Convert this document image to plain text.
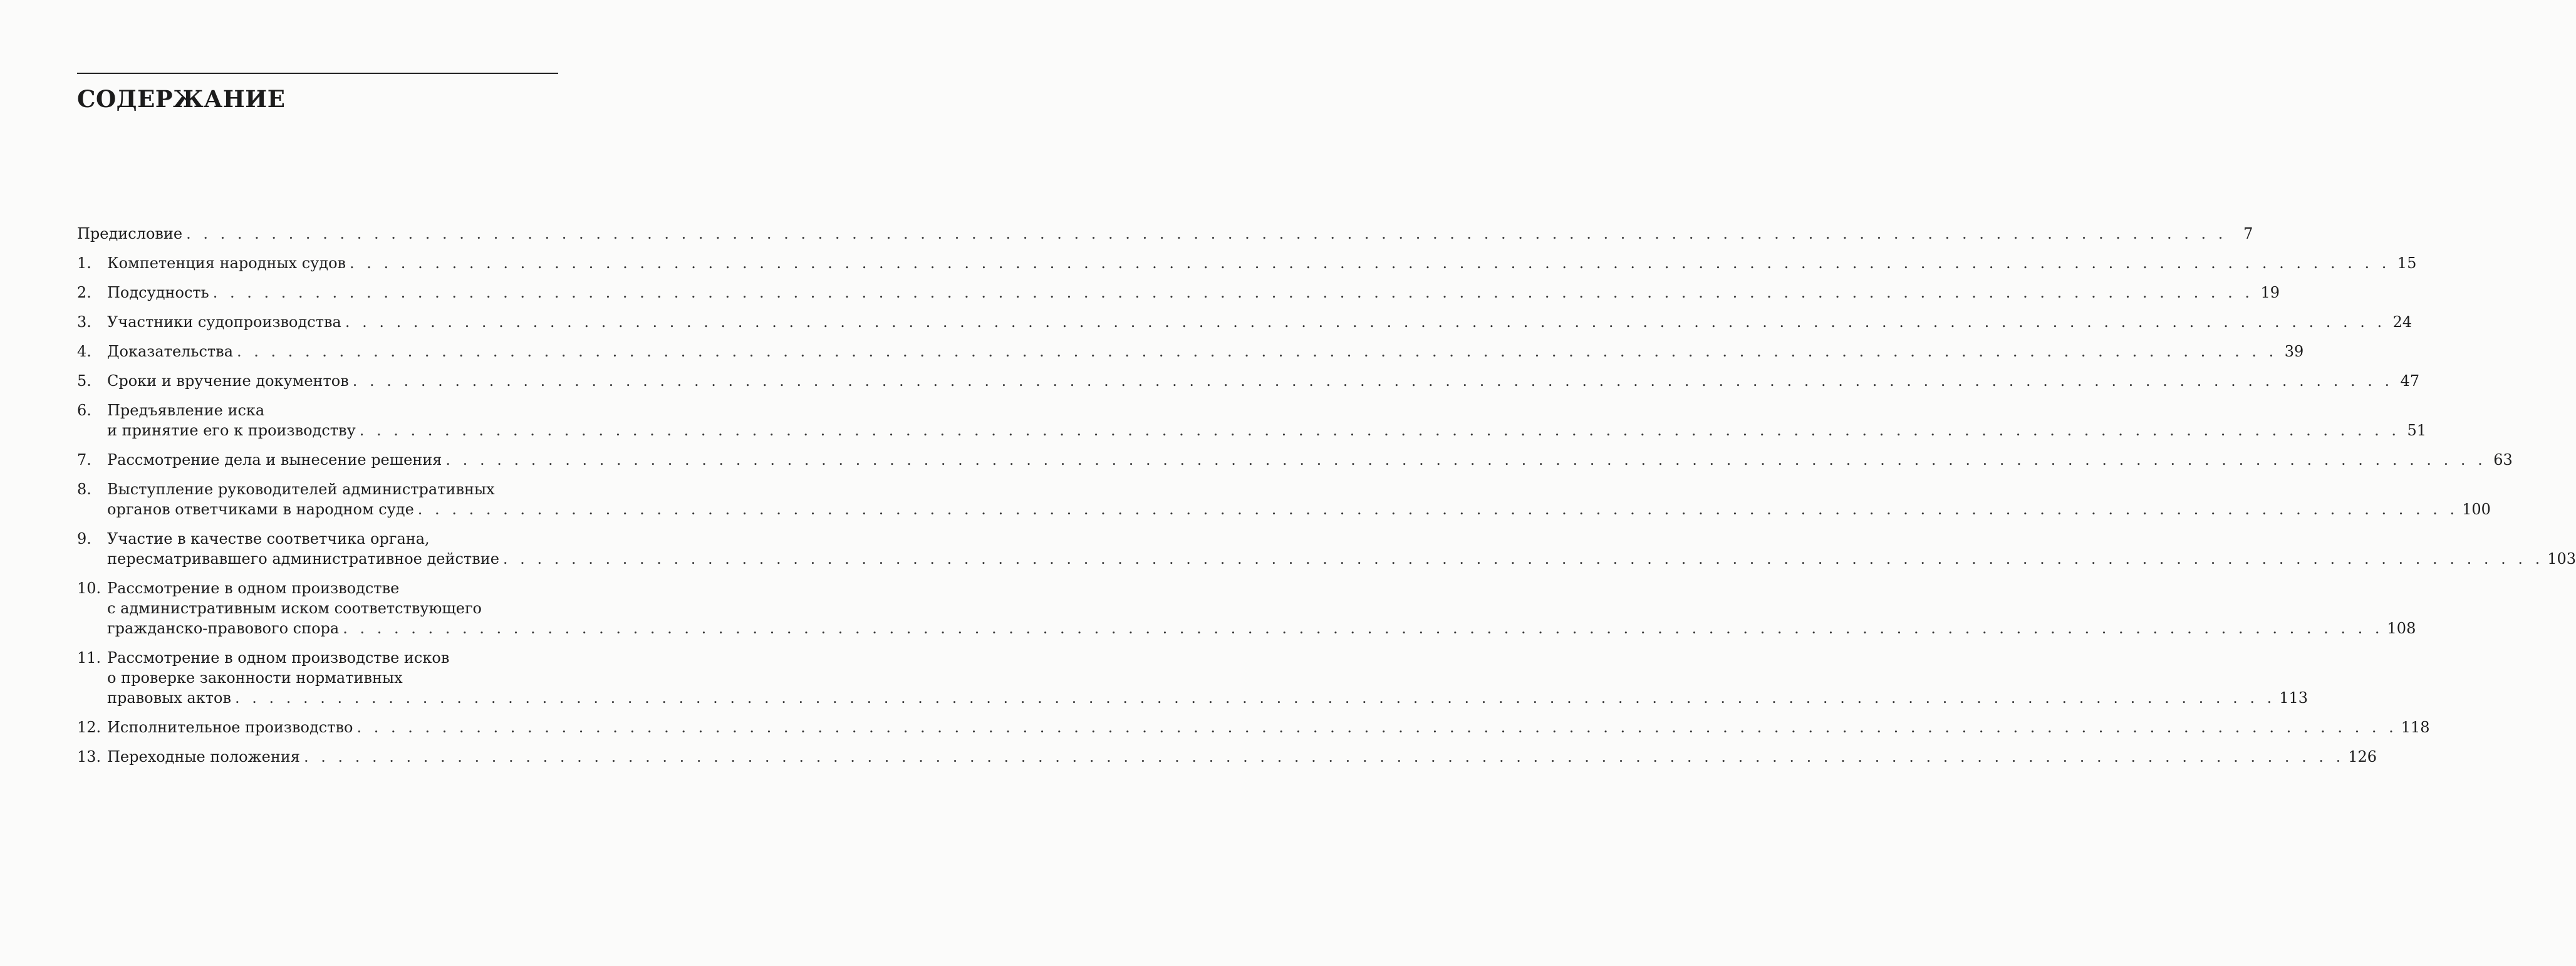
СОДЕРЖАНИЕ
Предисловие . . . . . . . . . . . . . . . . . . . . . . . . . . . . . . . . . . . . . . . . . . . . . . . . . . . . . . . . . . . . . . . . . . . . . . . . . . . . . . . . . . . . . . . . . . . . . . . . . . . . . . . . . . . . . . . . . . . . . . . .	7
1.	Компетенция народных судов . . . . . . . . . . . . . . . . . . . . . . . . . . . . . . . . . . . . . . . . . . . . . . . . . . . . . . . . . . . . . . . . . . . . . . . . . . . . . . . . . . . . . . . . . . . . . . . . . . . . . . . . . . . . . . . . . . . . . . . . 15
2.	Подсудность . . . . . . . . . . . . . . . . . . . . . . . . . . . . . . . . . . . . . . . . . . . . . . . . . . . . . . . . . . . . . . . . . . . . . . . . . . . . . . . . . . . . . . . . . . . . . . . . . . . . . . . . . . . . . . . . . . . . . . . . 19
3.	Участники судопроизводства . . . . . . . . . . . . . . . . . . . . . . . . . . . . . . . . . . . . . . . . . . . . . . . . . . . . . . . . . . . . . . . . . . . . . . . . . . . . . . . . . . . . . . . . . . . . . . . . . . . . . . . . . . . . . . . . . . . . . . . . 24
4.	Доказательства . . . . . . . . . . . . . . . . . . . . . . . . . . . . . . . . . . . . . . . . . . . . . . . . . . . . . . . . . . . . . . . . . . . . . . . . . . . . . . . . . . . . . . . . . . . . . . . . . . . . . . . . . . . . . . . . . . . . . . . . 39
5.	Сроки и вручение документов . . . . . . . . . . . . . . . . . . . . . . . . . . . . . . . . . . . . . . . . . . . . . . . . . . . . . . . . . . . . . . . . . . . . . . . . . . . . . . . . . . . . . . . . . . . . . . . . . . . . . . . . . . . . . . . . . . . . . . . . 47
6.	Предъявление иска
и принятие его к производству . . . . . . . . . . . . . . . . . . . . . . . . . . . . . . . . . . . . . . . . . . . . . . . . . . . . . . . . . . . . . . . . . . . . . . . . . . . . . . . . . . . . . . . . . . . . . . . . . . . . . . . . . . . . . . . . . . . . . . . . 51
7.	Рассмотрение дела и вынесение решения . . . . . . . . . . . . . . . . . . . . . . . . . . . . . . . . . . . . . . . . . . . . . . . . . . . . . . . . . . . . . . . . . . . . . . . . . . . . . . . . . . . . . . . . . . . . . . . . . . . . . . . . . . . . . . . . . . . . . . . . 63
8.	Выступление руководителей административных
органов ответчиками в народном суде . . . . . . . . . . . . . . . . . . . . . . . . . . . . . . . . . . . . . . . . . . . . . . . . . . . . . . . . . . . . . . . . . . . . . . . . . . . . . . . . . . . . . . . . . . . . . . . . . . . . . . . . . . . . . . . . . . . . . . . . 100
9.	Участие в качестве соответчика органа,
пересматривавшего административное действие . . . . . . . . . . . . . . . . . . . . . . . . . . . . . . . . . . . . . . . . . . . . . . . . . . . . . . . . . . . . . . . . . . . . . . . . . . . . . . . . . . . . . . . . . . . . . . . . . . . . . . . . . . . . . . . . . . . . . . . . 103
10. Рассмотрение в одном производстве
с административным иском соответствующего
гражданско-правового спора . . . . . . . . . . . . . . . . . . . . . . . . . . . . . . . . . . . . . . . . . . . . . . . . . . . . . . . . . . . . . . . . . . . . . . . . . . . . . . . . . . . . . . . . . . . . . . . . . . . . . . . . . . . . . . . . . . . . . . . . 108
11. Рассмотрение в одном производстве исков
о проверке законности нормативных
правовых актов . . . . . . . . . . . . . . . . . . . . . . . . . . . . . . . . . . . . . . . . . . . . . . . . . . . . . . . . . . . . . . . . . . . . . . . . . . . . . . . . . . . . . . . . . . . . . . . . . . . . . . . . . . . . . . . . . . . . . . . . 113
12. Исполнительное производство . . . . . . . . . . . . . . . . . . . . . . . . . . . . . . . . . . . . . . . . . . . . . . . . . . . . . . . . . . . . . . . . . . . . . . . . . . . . . . . . . . . . . . . . . . . . . . . . . . . . . . . . . . . . . . . . . . . . . . . . 118
13. Переходные положения . . . . . . . . . . . . . . . . . . . . . . . . . . . . . . . . . . . . . . . . . . . . . . . . . . . . . . . . . . . . . . . . . . . . . . . . . . . . . . . . . . . . . . . . . . . . . . . . . . . . . . . . . . . . . . . . . . . . . . . . 126
